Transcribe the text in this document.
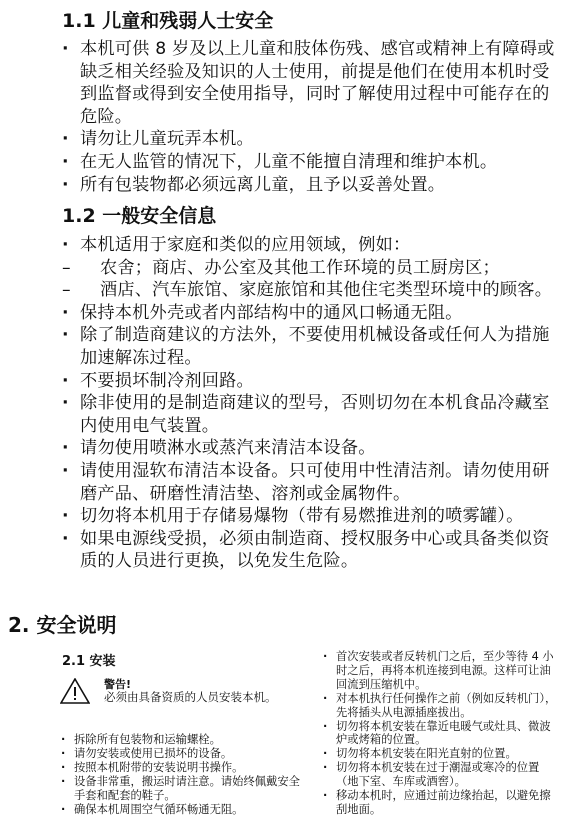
1.1 儿童和残弱人士安全
· 本机可供 8 岁及以上儿童和肢体伤残、感官或精神上有障碍或缺乏相关经验及知识的人士使用，前提是他们在使用本机时受到监督或得到安全使用指导，同时了解使用过程中可能存在的危险。
· 请勿让儿童玩弄本机。
· 在无人监管的情况下，儿童不能擅自清理和维护本机。
· 所有包装物都必须远离儿童，且予以妥善处置。
1.2 一般安全信息
· 本机适用于家庭和类似的应用领域，例如：
– 农舍；商店、办公室及其他工作环境的员工厨房区；
– 酒店、汽车旅馆、家庭旅馆和其他住宅类型环境中的顾客。
· 保持本机外壳或者内部结构中的通风口畅通无阻。
· 除了制造商建议的方法外，不要使用机械设备或任何人为措施加速解冻过程。
· 不要损坏制冷剂回路。
· 除非使用的是制造商建议的型号，否则切勿在本机食品冷藏室内使用电气装置。
· 请勿使用喷淋水或蒸汽来清洁本设备。
· 请使用湿软布清洁本设备。只可使用中性清洁剂。请勿使用研磨产品、研磨性清洁垫、溶剂或金属物件。
· 切勿将本机用于存储易爆物（带有易燃推进剂的喷雾罐）。
· 如果电源线受损，必须由制造商、授权服务中心或具备类似资质的人员进行更换，以免发生危险。
2. 安全说明
2.1 安装
警告!
必须由具备资质的人员安装本机。
· 拆除所有包装物和运输螺栓。
· 请勿安装或使用已损坏的设备。
· 按照本机附带的安装说明书操作。
· 设备非常重，搬运时请注意。请始终佩戴安全手套和配套的鞋子。
· 确保本机周围空气循环畅通无阻。
· 首次安装或者反转机门之后，至少等待 4 小时之后，再将本机连接到电源。这样可让油回流到压缩机中。
· 对本机执行任何操作之前（例如反转机门），先将插头从电源插座拔出。
· 切勿将本机安装在靠近电暖气或灶具、微波炉或烤箱的位置。
· 切勿将本机安装在阳光直射的位置。
· 切勿将本机安装在过于潮湿或寒冷的位置（地下室、车库或酒窖）。
· 移动本机时，应通过前边缘抬起，以避免擦刮地面。
